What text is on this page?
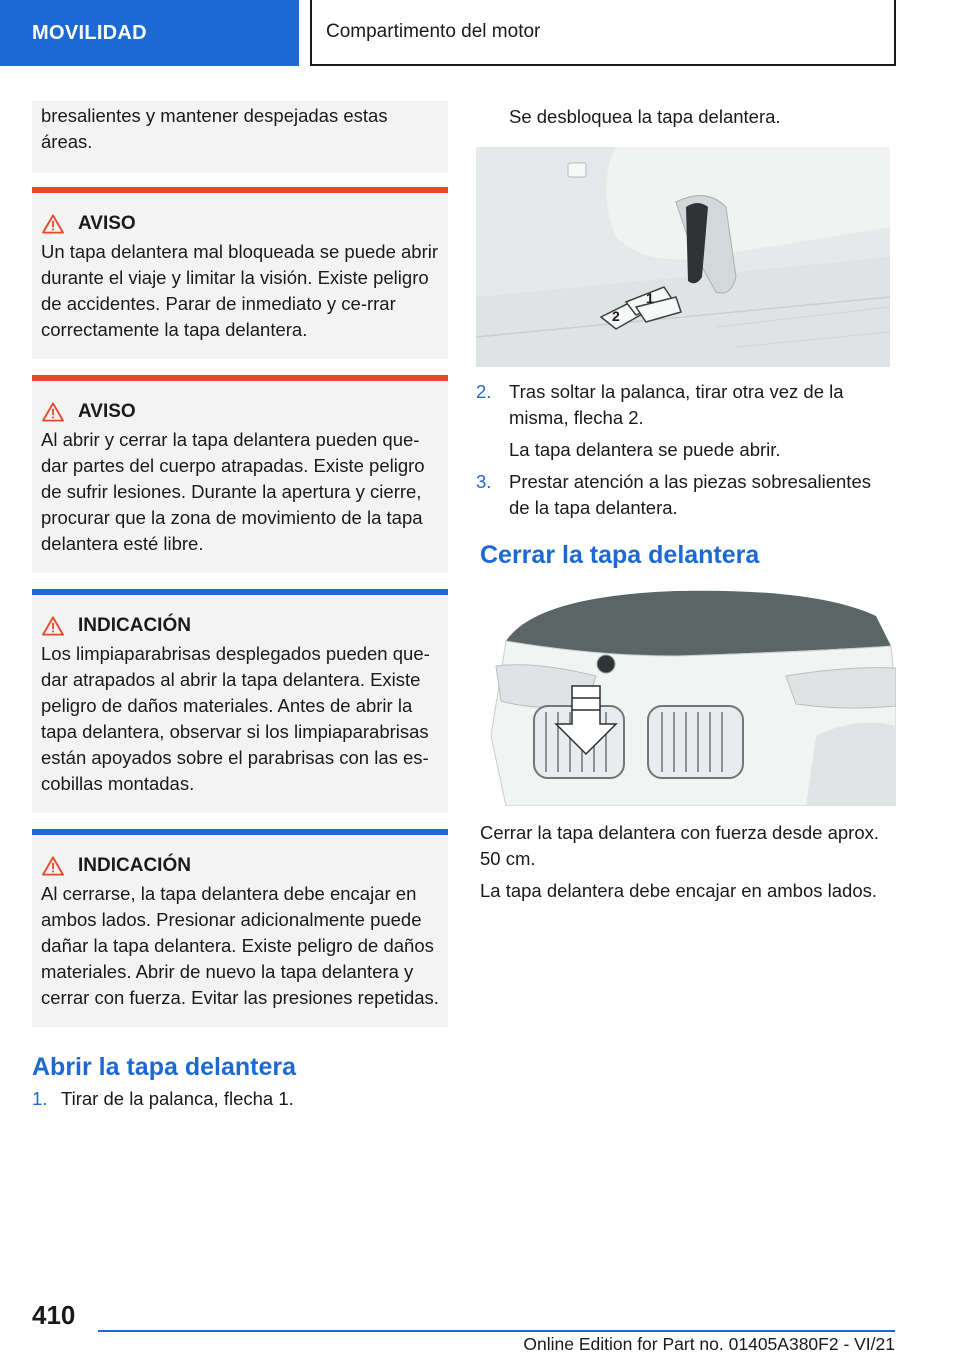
MOVILIDAD	Compartimento del motor
bresalientes y mantener despejadas estas áreas.
AVISO
Un tapa delantera mal bloqueada se puede abrir durante el viaje y limitar la visión. Existe peligro de accidentes. Parar de inmediato y ce-rrar correctamente la tapa delantera.
AVISO
Al abrir y cerrar la tapa delantera pueden que-dar partes del cuerpo atrapadas. Existe peligro de sufrir lesiones. Durante la apertura y cierre, procurar que la zona de movimiento de la tapa delantera esté libre.
INDICACIÓN
Los limpiaparabrisas desplegados pueden que-dar atrapados al abrir la tapa delantera. Existe peligro de daños materiales. Antes de abrir la tapa delantera, observar si los limpiaparabrisas están apoyados sobre el parabrisas con las es-cobillas montadas.
INDICACIÓN
Al cerrarse, la tapa delantera debe encajar en ambos lados. Presionar adicionalmente puede dañar la tapa delantera. Existe peligro de daños materiales. Abrir de nuevo la tapa delantera y cerrar con fuerza. Evitar las presiones repetidas.
Abrir la tapa delantera
1. Tirar de la palanca, flecha 1.
Se desbloquea la tapa delantera.
2
1
2. Tras soltar la palanca, tirar otra vez de la misma, flecha 2.
La tapa delantera se puede abrir.
3. Prestar atención a las piezas sobresalientes de la tapa delantera.
Cerrar la tapa delantera
Cerrar la tapa delantera con fuerza desde aprox. 50 cm.
La tapa delantera debe encajar en ambos lados.
410
Online Edition for Part no. 01405A380F2 - VI/21
